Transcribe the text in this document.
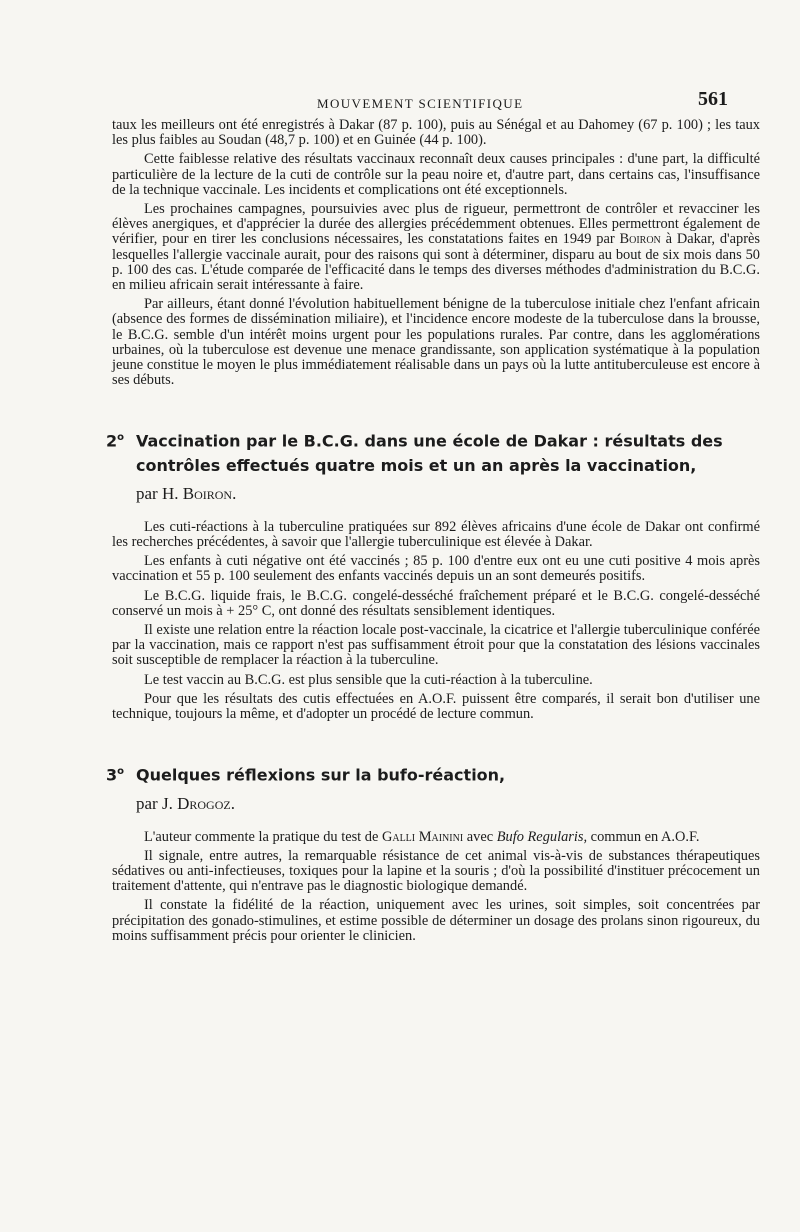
MOUVEMENT SCIENTIFIQUE	561

taux les meilleurs ont été enregistrés à Dakar (87 p. 100), puis au Sénégal et au Dahomey (67 p. 100) ; les taux les plus faibles au Soudan (48,7 p. 100) et en Guinée (44 p. 100).

Cette faiblesse relative des résultats vaccinaux reconnaît deux causes principales : d'une part, la difficulté particulière de la lecture de la cuti de contrôle sur la peau noire et, d'autre part, dans certains cas, l'insuffisance de la technique vaccinale. Les incidents et complications ont été exceptionnels.

Les prochaines campagnes, poursuivies avec plus de rigueur, permettront de contrôler et revacciner les élèves anergiques, et d'apprécier la durée des allergies précédemment obtenues. Elles permettront également de vérifier, pour en tirer les conclusions nécessaires, les constatations faites en 1949 par Boiron à Dakar, d'après lesquelles l'allergie vaccinale aurait, pour des raisons qui sont à déterminer, disparu au bout de six mois dans 50 p. 100 des cas. L'étude comparée de l'efficacité dans le temps des diverses méthodes d'administration du B.C.G. en milieu africain serait intéressante à faire.

Par ailleurs, étant donné l'évolution habituellement bénigne de la tuberculose initiale chez l'enfant africain (absence des formes de dissémination miliaire), et l'incidence encore modeste de la tuberculose dans la brousse, le B.C.G. semble d'un intérêt moins urgent pour les populations rurales. Par contre, dans les agglomérations urbaines, où la tuberculose est devenue une menace grandissante, son application systématique à la population jeune constitue le moyen le plus immédiatement réalisable dans un pays où la lutte antituberculeuse est encore à ses débuts.

2$^o$ Vaccination par le B.C.G. dans une école de Dakar : résultats des contrôles effectués quatre mois et un an après la vaccination,
par H. Boiron.

Les cuti-réactions à la tuberculine pratiquées sur 892 élèves africains d'une école de Dakar ont confirmé les recherches précédentes, à savoir que l'allergie tuberculinique est élevée à Dakar.

Les enfants à cuti négative ont été vaccinés ; 85 p. 100 d'entre eux ont eu une cuti positive 4 mois après vaccination et 55 p. 100 seulement des enfants vaccinés depuis un an sont demeurés positifs.

Le B.C.G. liquide frais, le B.C.G. congelé-desséché fraîchement préparé et le B.C.G. congelé-desséché conservé un mois à + 25° C, ont donné des résultats sensiblement identiques.

Il existe une relation entre la réaction locale post-vaccinale, la cicatrice et l'allergie tuberculinique conférée par la vaccination, mais ce rapport n'est pas suffisamment étroit pour que la constatation des lésions vaccinales soit susceptible de remplacer la réaction à la tuberculine.

Le test vaccin au B.C.G. est plus sensible que la cuti-réaction à la tuberculine.

Pour que les résultats des cutis effectuées en A.O.F. puissent être comparés, il serait bon d'utiliser une technique, toujours la même, et d'adopter un procédé de lecture commun.

3$^o$ Quelques réflexions sur la bufo-réaction,
par J. Drogoz.

L'auteur commente la pratique du test de Galli Mainini avec Bufo Regularis, commun en A.O.F.

Il signale, entre autres, la remarquable résistance de cet animal vis-à-vis de substances thérapeutiques sédatives ou anti-infectieuses, toxiques pour la lapine et la souris ; d'où la possibilité d'instituer précocement un traitement d'attente, qui n'entrave pas le diagnostic biologique demandé.

Il constate la fidélité de la réaction, uniquement avec les urines, soit simples, soit concentrées par précipitation des gonado-stimulines, et estime possible de déterminer un dosage des prolans sinon rigoureux, du moins suffisamment précis pour orienter le clinicien.
